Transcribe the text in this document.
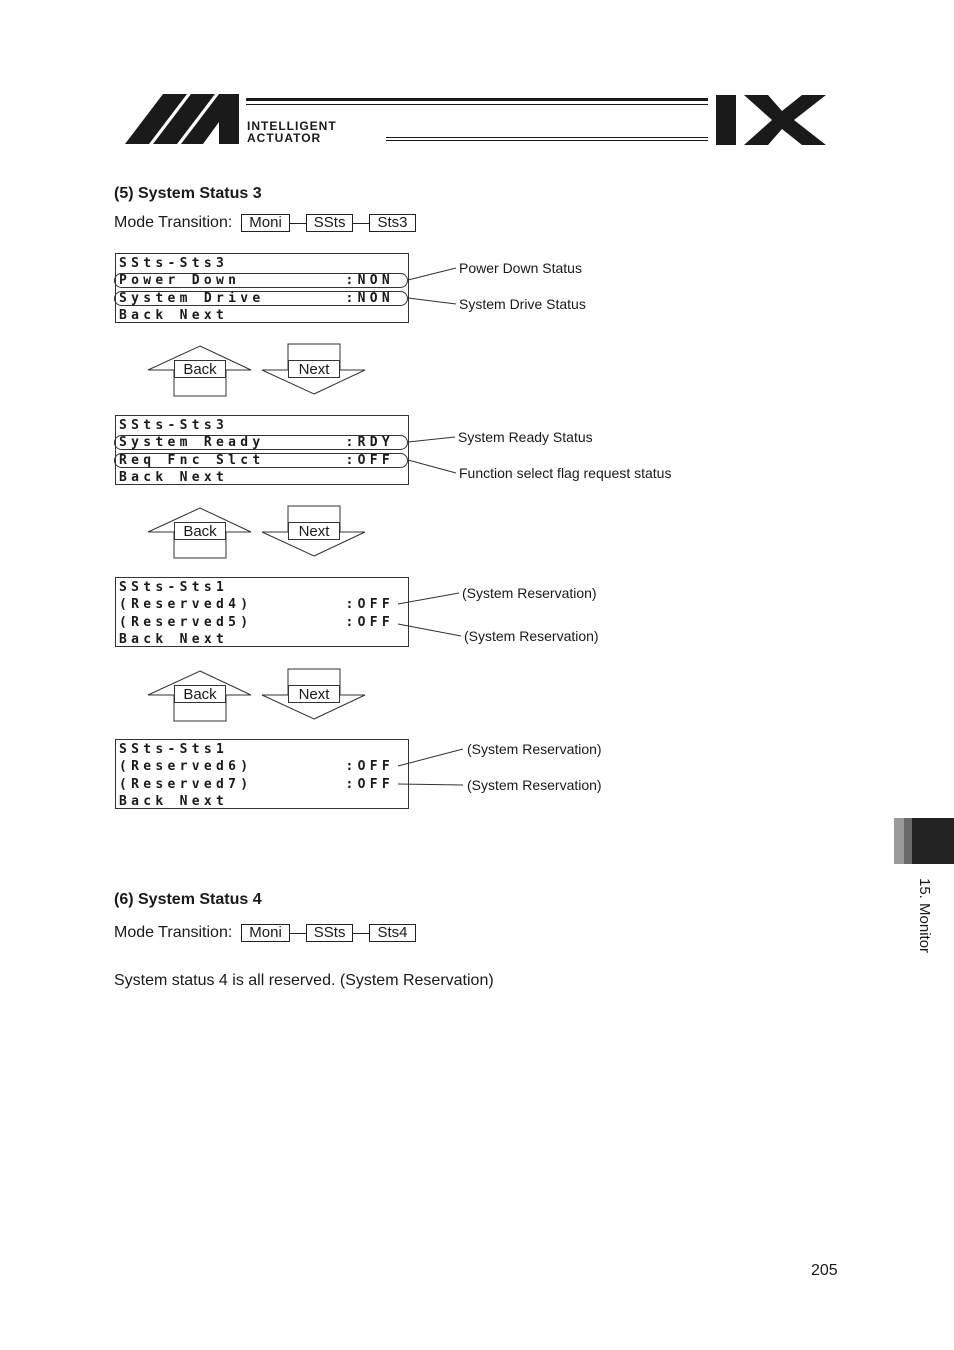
INTELLIGENT
ACTUATOR
(5) System Status 3
Mode Transition:	Moni	SSts	Sts3
SSts-Sts3
Power Down	:NON
System Drive	:NON
Back Next
Power Down Status
System Drive Status
SSts-Sts3
System Ready	:RDY
Req Fnc Slct	:OFF
Back Next
System Ready Status
Function select flag request status
SSts-Sts1
(Reserved4)	:OFF
(Reserved5)	:OFF
Back Next
(System Reservation)
(System Reservation)
SSts-Sts1
(Reserved6)	:OFF
(Reserved7)	:OFF
Back Next
(System Reservation)
(System Reservation)
Back	Next
Back	Next
Back	Next
(6) System Status 4
Mode Transition:	Moni	SSts	Sts4
System status 4 is all reserved. (System Reservation)
15. Monitor
205
